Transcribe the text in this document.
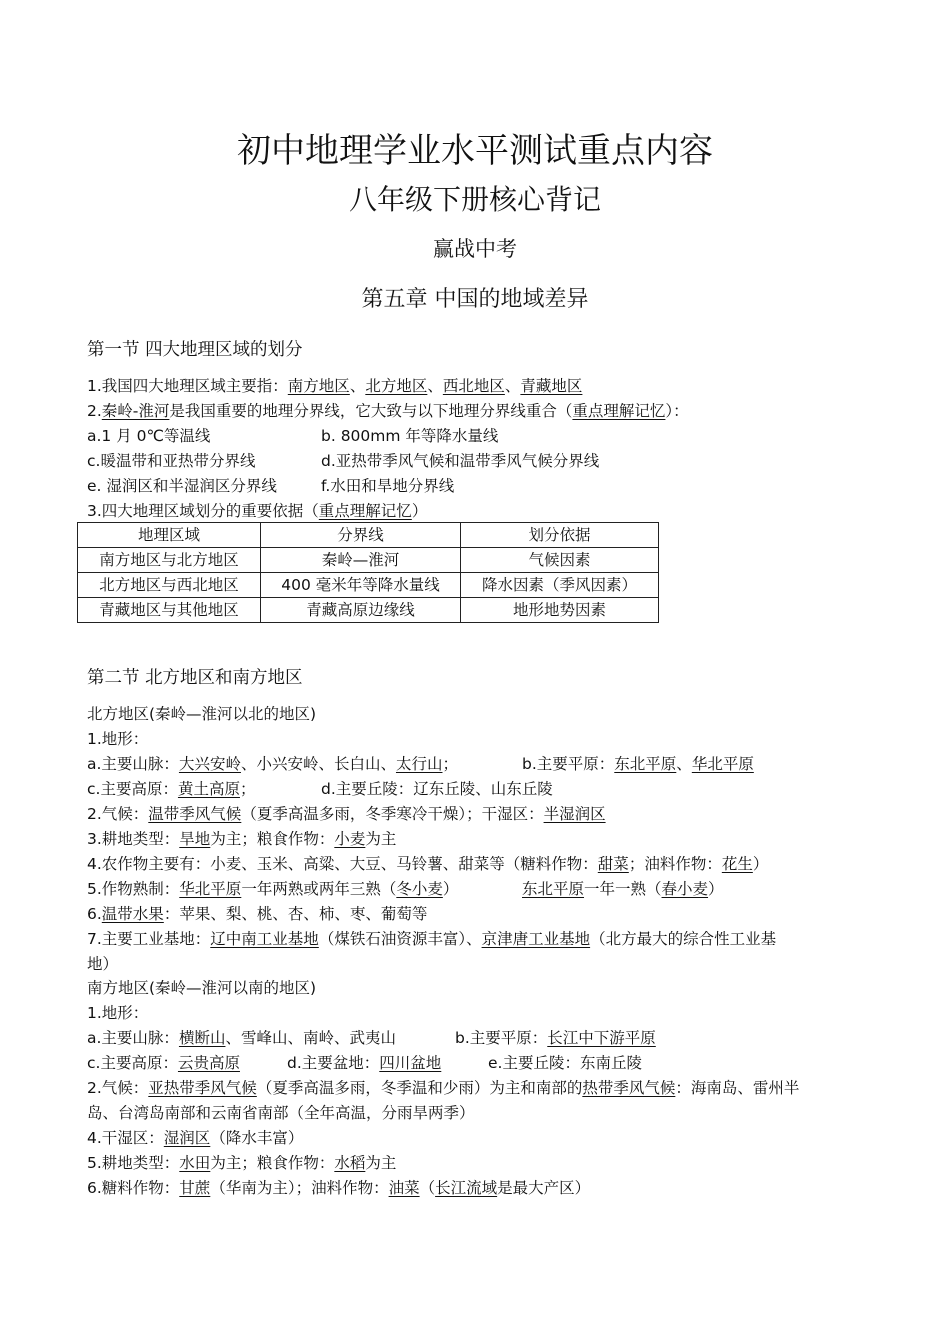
初中地理学业水平测试重点内容
八年级下册核心背记
赢战中考
第五章 中国的地域差异
第一节 四大地理区域的划分
1.我国四大地理区域主要指：南方地区、北方地区、西北地区、青藏地区
2.秦岭-淮河是我国重要的地理分界线，它大致与以下地理分界线重合（重点理解记忆）：
a.1 月 0℃等温线	b. 800mm 年等降水量线
c.暖温带和亚热带分界线	d.亚热带季风气候和温带季风气候分界线
e. 湿润区和半湿润区分界线	f.水田和旱地分界线
3.四大地理区域划分的重要依据（重点理解记忆）
地理区域	分界线	划分依据
南方地区与北方地区	秦岭—淮河	气候因素
北方地区与西北地区	400 毫米年等降水量线	降水因素（季风因素）
青藏地区与其他地区	青藏高原边缘线	地形地势因素
第二节 北方地区和南方地区
北方地区(秦岭—淮河以北的地区)
1.地形：
a.主要山脉：大兴安岭、小兴安岭、长白山、太行山；	b.主要平原：东北平原、华北平原
c.主要高原：黄土高原；	d.主要丘陵：辽东丘陵、山东丘陵
2.气候：温带季风气候（夏季高温多雨，冬季寒冷干燥）；干湿区：半湿润区
3.耕地类型：旱地为主；粮食作物：小麦为主
4.农作物主要有：小麦、玉米、高粱、大豆、马铃薯、甜菜等（糖料作物：甜菜；油料作物：花生）
5.作物熟制：华北平原一年两熟或两年三熟（冬小麦）	东北平原一年一熟（春小麦）
6.温带水果：苹果、梨、桃、杏、柿、枣、葡萄等
7.主要工业基地：辽中南工业基地（煤铁石油资源丰富）、京津唐工业基地（北方最大的综合性工业基
地）
南方地区(秦岭—淮河以南的地区)
1.地形：
a.主要山脉：横断山、雪峰山、南岭、武夷山	b.主要平原：长江中下游平原
c.主要高原：云贵高原	d.主要盆地：四川盆地	e.主要丘陵：东南丘陵
2.气候：亚热带季风气候（夏季高温多雨，冬季温和少雨）为主和南部的热带季风气候：海南岛、雷州半
岛、台湾岛南部和云南省南部（全年高温，分雨旱两季）
4.干湿区：湿润区（降水丰富）
5.耕地类型：水田为主；粮食作物：水稻为主
6.糖料作物：甘蔗（华南为主）；油料作物：油菜（长江流域是最大产区）
